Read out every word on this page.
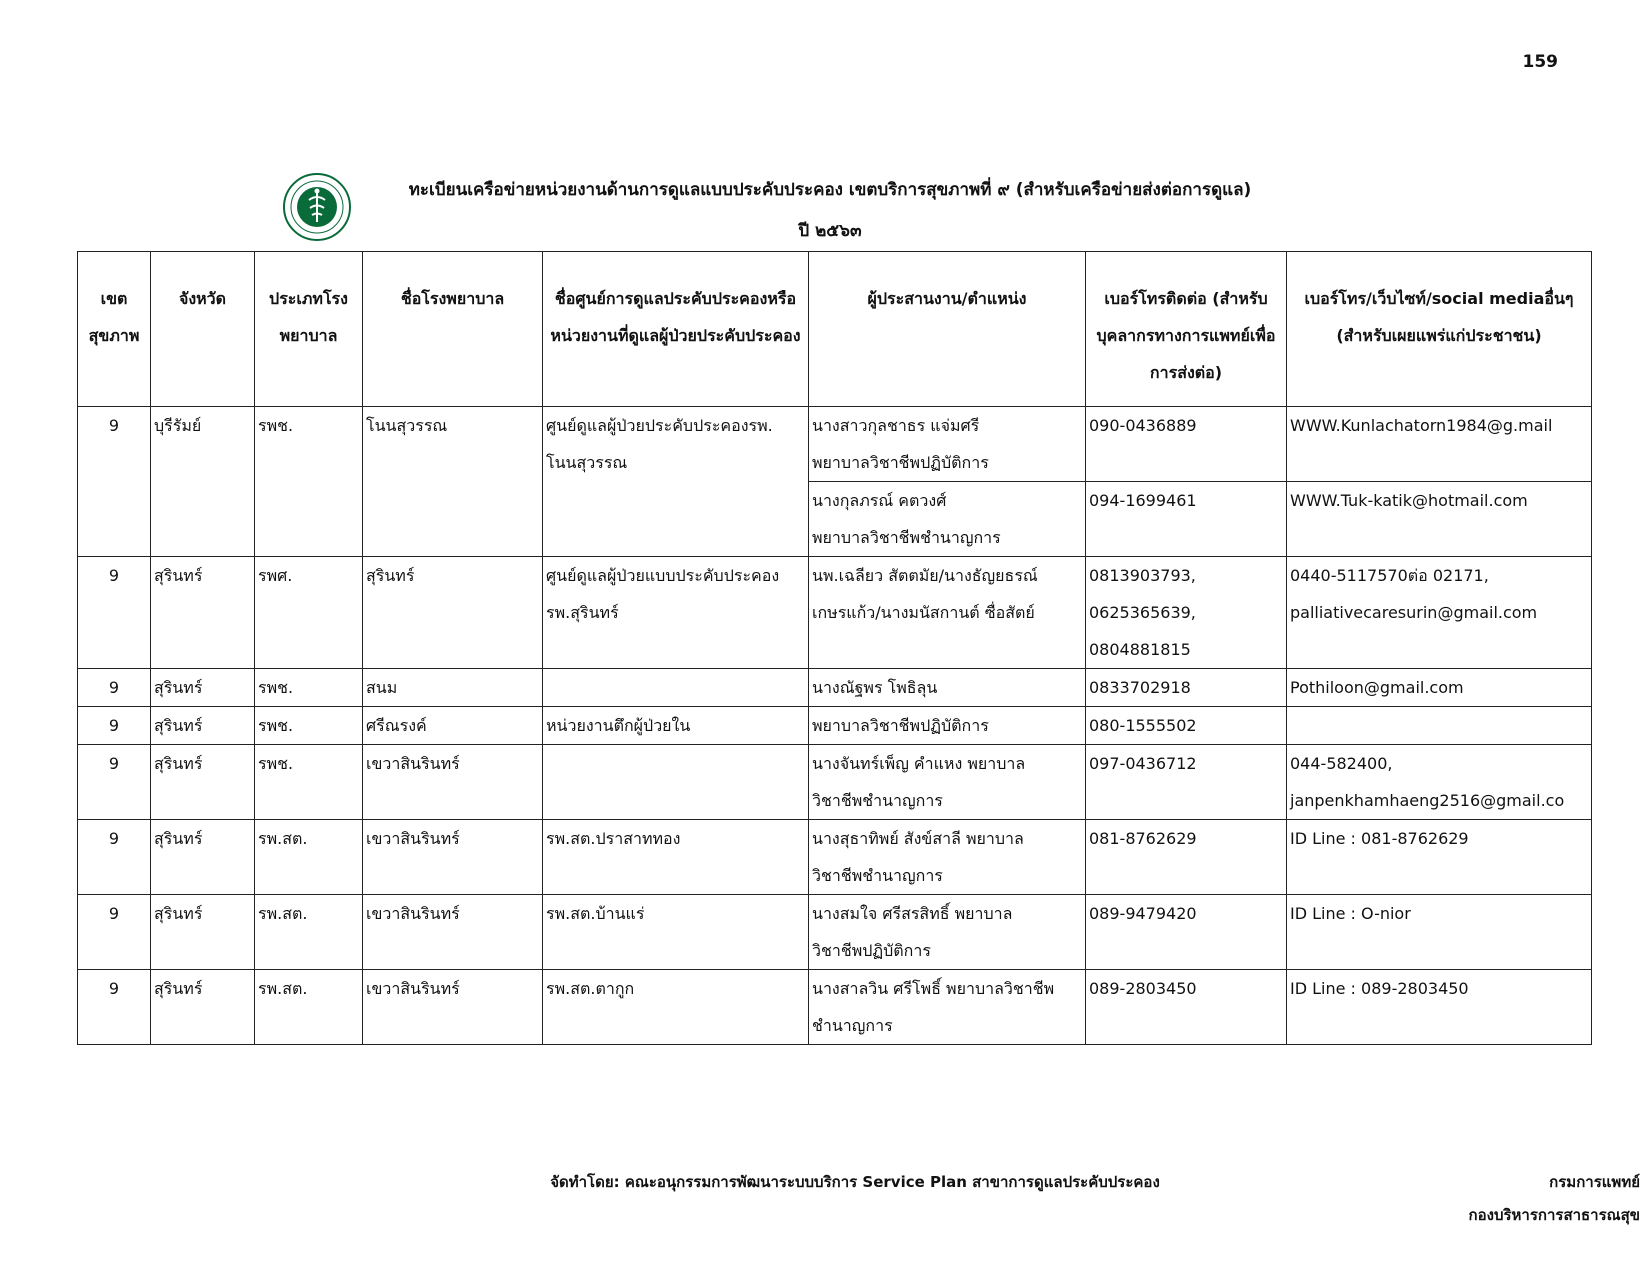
159
ทะเบียนเครือข่ายหน่วยงานด้านการดูแลแบบประคับประคอง เขตบริการสุขภาพที่ ๙ (สำหรับเครือข่ายส่งต่อการดูแล)
ปี ๒๕๖๓
เขตสุขภาพ	จังหวัด	ประเภทโรงพยาบาล	ชื่อโรงพยาบาล	ชื่อศูนย์การดูแลประคับประคองหรือ หน่วยงานที่ดูแลผู้ป่วยประคับประคอง	ผู้ประสานงาน/ตำแหน่ง	เบอร์โทรติดต่อ (สำหรับบุคลากรทางการแพทย์เพื่อการส่งต่อ)	เบอร์โทร/เว็บไซท์/social mediaอื่นๆ (สำหรับเผยแพร่แก่ประชาชน)
9	บุรีรัมย์	รพช.	โนนสุวรรณ	ศูนย์ดูแลผู้ป่วยประคับประคองรพ.
โนนสุวรรณ	นางสาวกุลชาธร แจ่มศรี
พยาบาลวิชาชีพปฏิบัติการ	090-0436889	WWW.Kunlachatorn1984@g.mail

					นางกุลภรณ์ คตวงศ์
พยาบาลวิชาชีพชำนาญการ	094-1699461	WWW.Tuk-katik@hotmail.com

9	สุรินทร์	รพศ.	สุรินทร์	ศูนย์ดูแลผู้ป่วยแบบประคับประคอง
รพ.สุรินทร์	นพ.เฉลียว สัตตมัย/นางธัญยธรณ์
เกษรแก้ว/นางมนัสกานต์ ซื่อสัตย์	0813903793,
0625365639,
0804881815	0440-5117570ต่อ 02171,
palliativecaresurin@gmail.com

9	สุรินทร์	รพช.	สนม		นางณัฐพร โพธิลุน	0833702918	Pothiloon@gmail.com

9	สุรินทร์	รพช.	ศรีณรงค์	หน่วยงานตึกผู้ป่วยใน	พยาบาลวิชาชีพปฏิบัติการ	080-1555502	

9	สุรินทร์	รพช.	เขวาสินรินทร์		นางจันทร์เพ็ญ คำแหง พยาบาล
วิชาชีพชำนาญการ	097-0436712	044-582400,
janpenkhamhaeng2516@gmail.co

9	สุรินทร์	รพ.สต.	เขวาสินรินทร์	รพ.สต.ปราสาททอง	นางสุธาทิพย์ สังข์สาลี พยาบาล
วิชาชีพชำนาญการ	081-8762629	ID Line : 081-8762629

9	สุรินทร์	รพ.สต.	เขวาสินรินทร์	รพ.สต.บ้านแร่	นางสมใจ ศรีสรสิทธิ์ พยาบาล
วิชาชีพปฏิบัติการ	089-9479420	ID Line : O-nior

9	สุรินทร์	รพ.สต.	เขวาสินรินทร์	รพ.สต.ตากูก	นางสาลวิน ศรีโพธิ์ พยาบาลวิชาชีพ
ชำนาญการ	089-2803450	ID Line : 089-2803450
จัดทำโดย: คณะอนุกรรมการพัฒนาระบบบริการ Service Plan สาขาการดูแลประคับประคอง	กรมการแพทย์
กองบริหารการสาธารณสุข
